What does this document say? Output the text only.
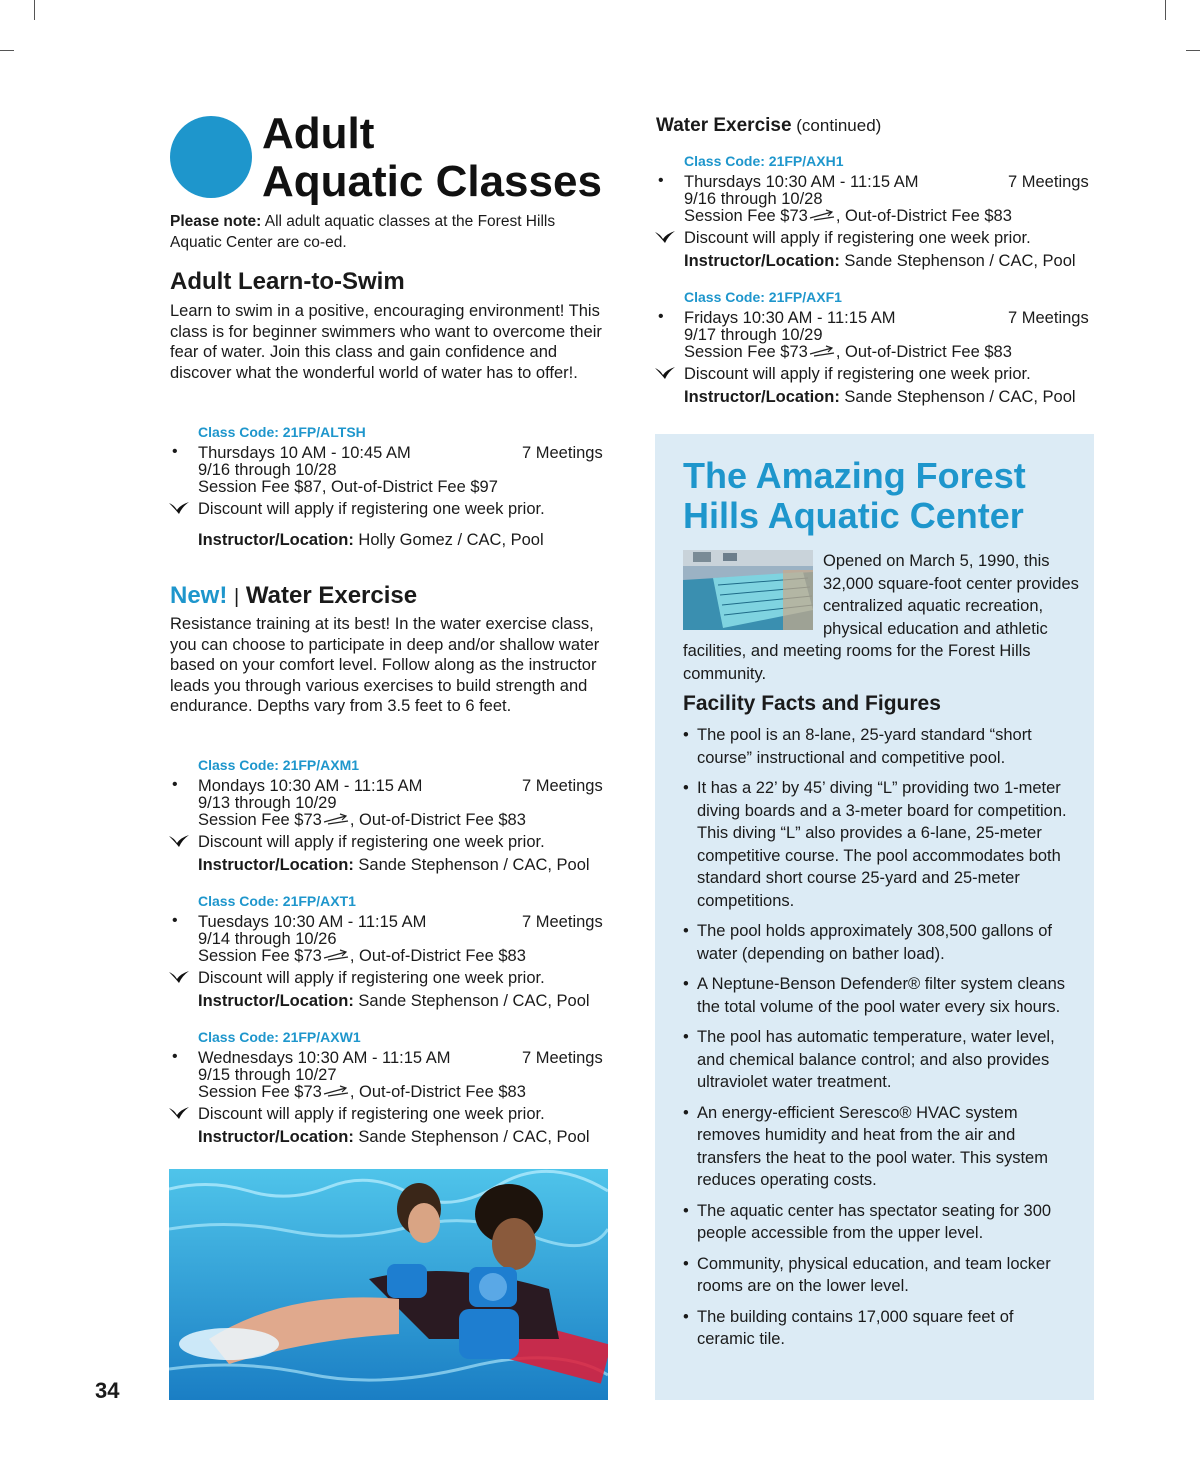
Adult
Aquatic Classes
Please note: All adult aquatic classes at the Forest Hills Aquatic Center are co-ed.
Adult Learn-to-Swim
Learn to swim in a positive, encouraging environment! This class is for beginner swimmers who want to overcome their fear of water. Join this class and gain confidence and discover what the wonderful world of water has to offer!.
Class Code: 21FP/ALTSH
• Thursdays 10 AM - 10:45 AM	7 Meetings
9/16 through 10/28
Session Fee $87, Out-of-District Fee $97
Discount will apply if registering one week prior.
Instructor/Location: Holly Gomez / CAC, Pool
New! | Water Exercise
Resistance training at its best! In the water exercise class, you can choose to participate in deep and/or shallow water based on your comfort level. Follow along as the instructor leads you through various exercises to build strength and endurance. Depths vary from 3.5 feet to 6 feet.
Class Code: 21FP/AXM1
• Mondays 10:30 AM - 11:15 AM	7 Meetings
9/13 through 10/29
Session Fee $73 , Out-of-District Fee $83
Discount will apply if registering one week prior.
Instructor/Location: Sande Stephenson / CAC, Pool
Class Code: 21FP/AXT1
• Tuesdays 10:30 AM - 11:15 AM	7 Meetings
9/14 through 10/26
Session Fee $73 , Out-of-District Fee $83
Discount will apply if registering one week prior.
Instructor/Location: Sande Stephenson / CAC, Pool
Class Code: 21FP/AXW1
• Wednesdays 10:30 AM - 11:15 AM	7 Meetings
9/15 through 10/27
Session Fee $73 , Out-of-District Fee $83
Discount will apply if registering one week prior.
Instructor/Location: Sande Stephenson / CAC, Pool
34
Water Exercise (continued)
Class Code: 21FP/AXH1
• Thursdays 10:30 AM - 11:15 AM	7 Meetings
9/16 through 10/28
Session Fee $73 , Out-of-District Fee $83
Discount will apply if registering one week prior.
Instructor/Location: Sande Stephenson / CAC, Pool
Class Code: 21FP/AXF1
• Fridays 10:30 AM - 11:15 AM	7 Meetings
9/17 through 10/29
Session Fee $73 , Out-of-District Fee $83
Discount will apply if registering one week prior.
Instructor/Location: Sande Stephenson / CAC, Pool
The Amazing Forest
Hills Aquatic Center
Opened on March 5, 1990, this 32,000 square-foot center provides centralized aquatic recreation, physical education and athletic facilities, and meeting rooms for the Forest Hills community.
Facility Facts and Figures
• The pool is an 8-lane, 25-yard standard “short course” instructional and competitive pool.
• It has a 22’ by 45’ diving “L” providing two 1-meter diving boards and a 3-meter board for competition. This diving “L” also provides a 6-lane, 25-meter competitive course. The pool accommodates both standard short course 25-yard and 25-meter competitions.
• The pool holds approximately 308,500 gallons of water (depending on bather load).
• A Neptune-Benson Defender® filter system cleans the total volume of the pool water every six hours.
• The pool has automatic temperature, water level, and chemical balance control; and also provides ultraviolet water treatment.
• An energy-efficient Seresco® HVAC system removes humidity and heat from the air and transfers the heat to the pool water. This system reduces operating costs.
• The aquatic center has spectator seating for 300 people accessible from the upper level.
• Community, physical education, and team locker rooms are on the lower level.
• The building contains 17,000 square feet of ceramic tile.
